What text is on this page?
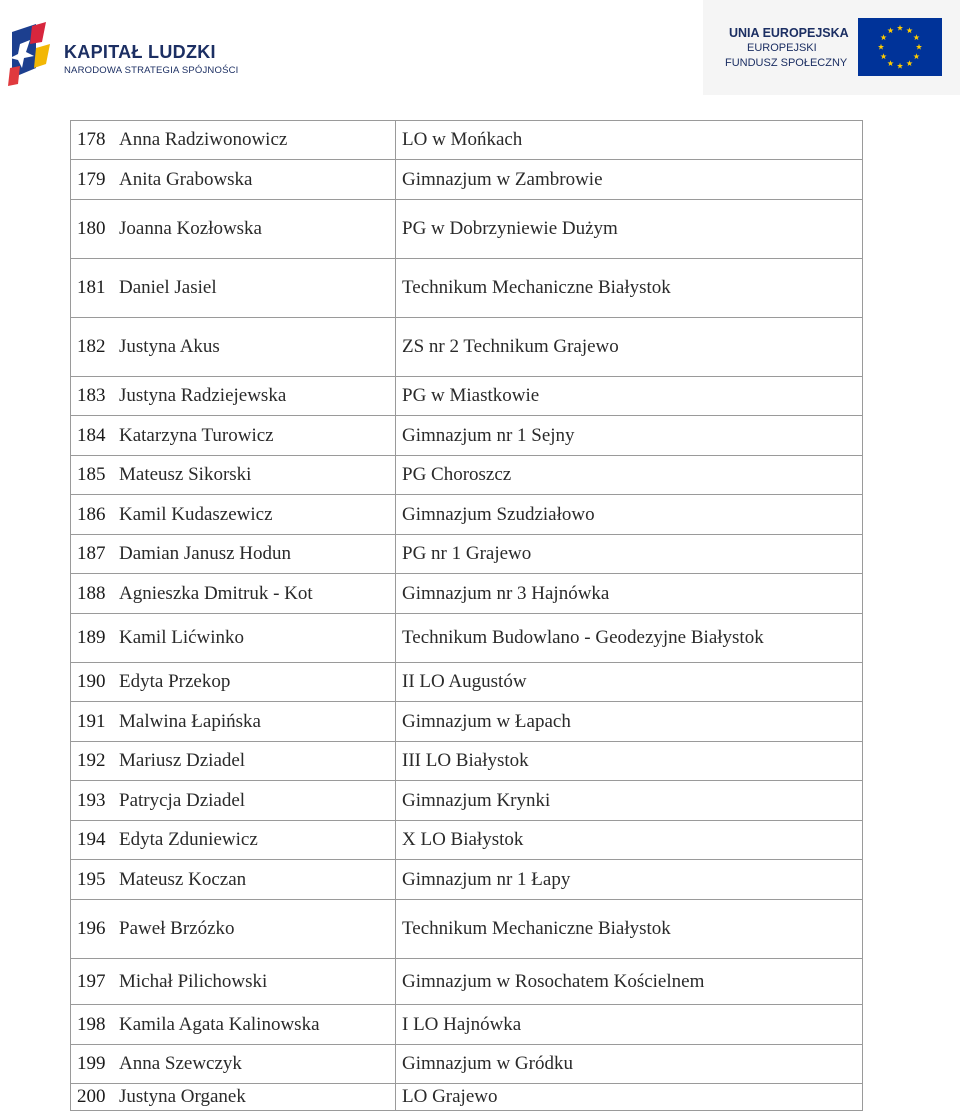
KAPITAŁ LUDZKI
NARODOWA STRATEGIA SPÓJNOŚCI
UNIA EUROPEJSKA
EUROPEJSKI
FUNDUSZ SPOŁECZNY
178	Anna Radziwonowicz	LO w Mońkach
179	Anita Grabowska	Gimnazjum w Zambrowie
180	Joanna Kozłowska	PG w Dobrzyniewie Dużym
181	Daniel Jasiel	Technikum Mechaniczne Białystok
182	Justyna Akus	ZS nr 2 Technikum Grajewo
183	Justyna Radziejewska	PG w Miastkowie
184	Katarzyna Turowicz	Gimnazjum nr 1 Sejny
185	Mateusz Sikorski	PG Choroszcz
186	Kamil Kudaszewicz	Gimnazjum Szudziałowo
187	Damian Janusz Hodun	PG nr 1 Grajewo
188	Agnieszka Dmitruk - Kot	Gimnazjum nr 3 Hajnówka
189	Kamil Lićwinko	Technikum Budowlano - Geodezyjne Białystok
190	Edyta Przekop	II LO Augustów
191	Malwina Łapińska	Gimnazjum w Łapach
192	Mariusz Dziadel	III LO Białystok
193	Patrycja Dziadel	Gimnazjum Krynki
194	Edyta Zduniewicz	X LO Białystok
195	Mateusz Koczan	Gimnazjum nr 1 Łapy
196	Paweł Brzózko	Technikum Mechaniczne Białystok
197	Michał Pilichowski	Gimnazjum w Rosochatem Kościelnem
198	Kamila Agata Kalinowska	I LO Hajnówka
199	Anna Szewczyk	Gimnazjum w Gródku
200	Justyna Organek	LO Grajewo
